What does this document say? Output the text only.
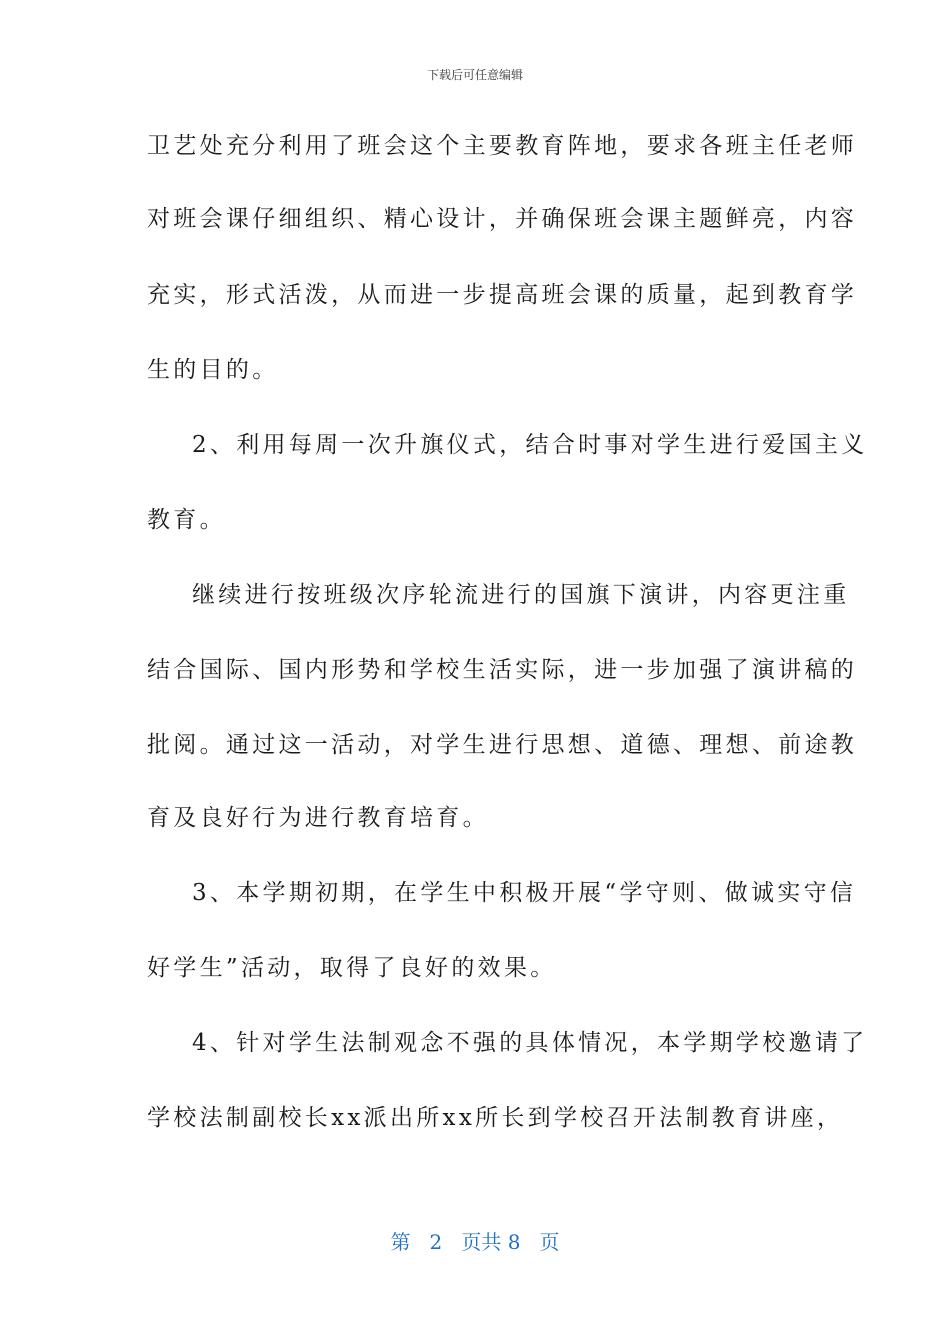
下载后可任意编辑
卫艺处充分利用了班会这个主要教育阵地，要求各班主任老师
对班会课仔细组织、精心设计，并确保班会课主题鲜亮，内容
充实，形式活泼，从而进一步提高班会课的质量，起到教育学
生的目的。
2、利用每周一次升旗仪式，结合时事对学生进行爱国主义
教育。
继续进行按班级次序轮流进行的国旗下演讲，内容更注重
结合国际、国内形势和学校生活实际，进一步加强了演讲稿的
批阅。通过这一活动，对学生进行思想、道德、理想、前途教
育及良好行为进行教育培育。
3、本学期初期，在学生中积极开展“学守则、做诚实守信
好学生”活动，取得了良好的效果。
4、针对学生法制观念不强的具体情况，本学期学校邀请了
学校法制副校长xx派出所xx所长到学校召开法制教育讲座，
第 2 页共 8 页
